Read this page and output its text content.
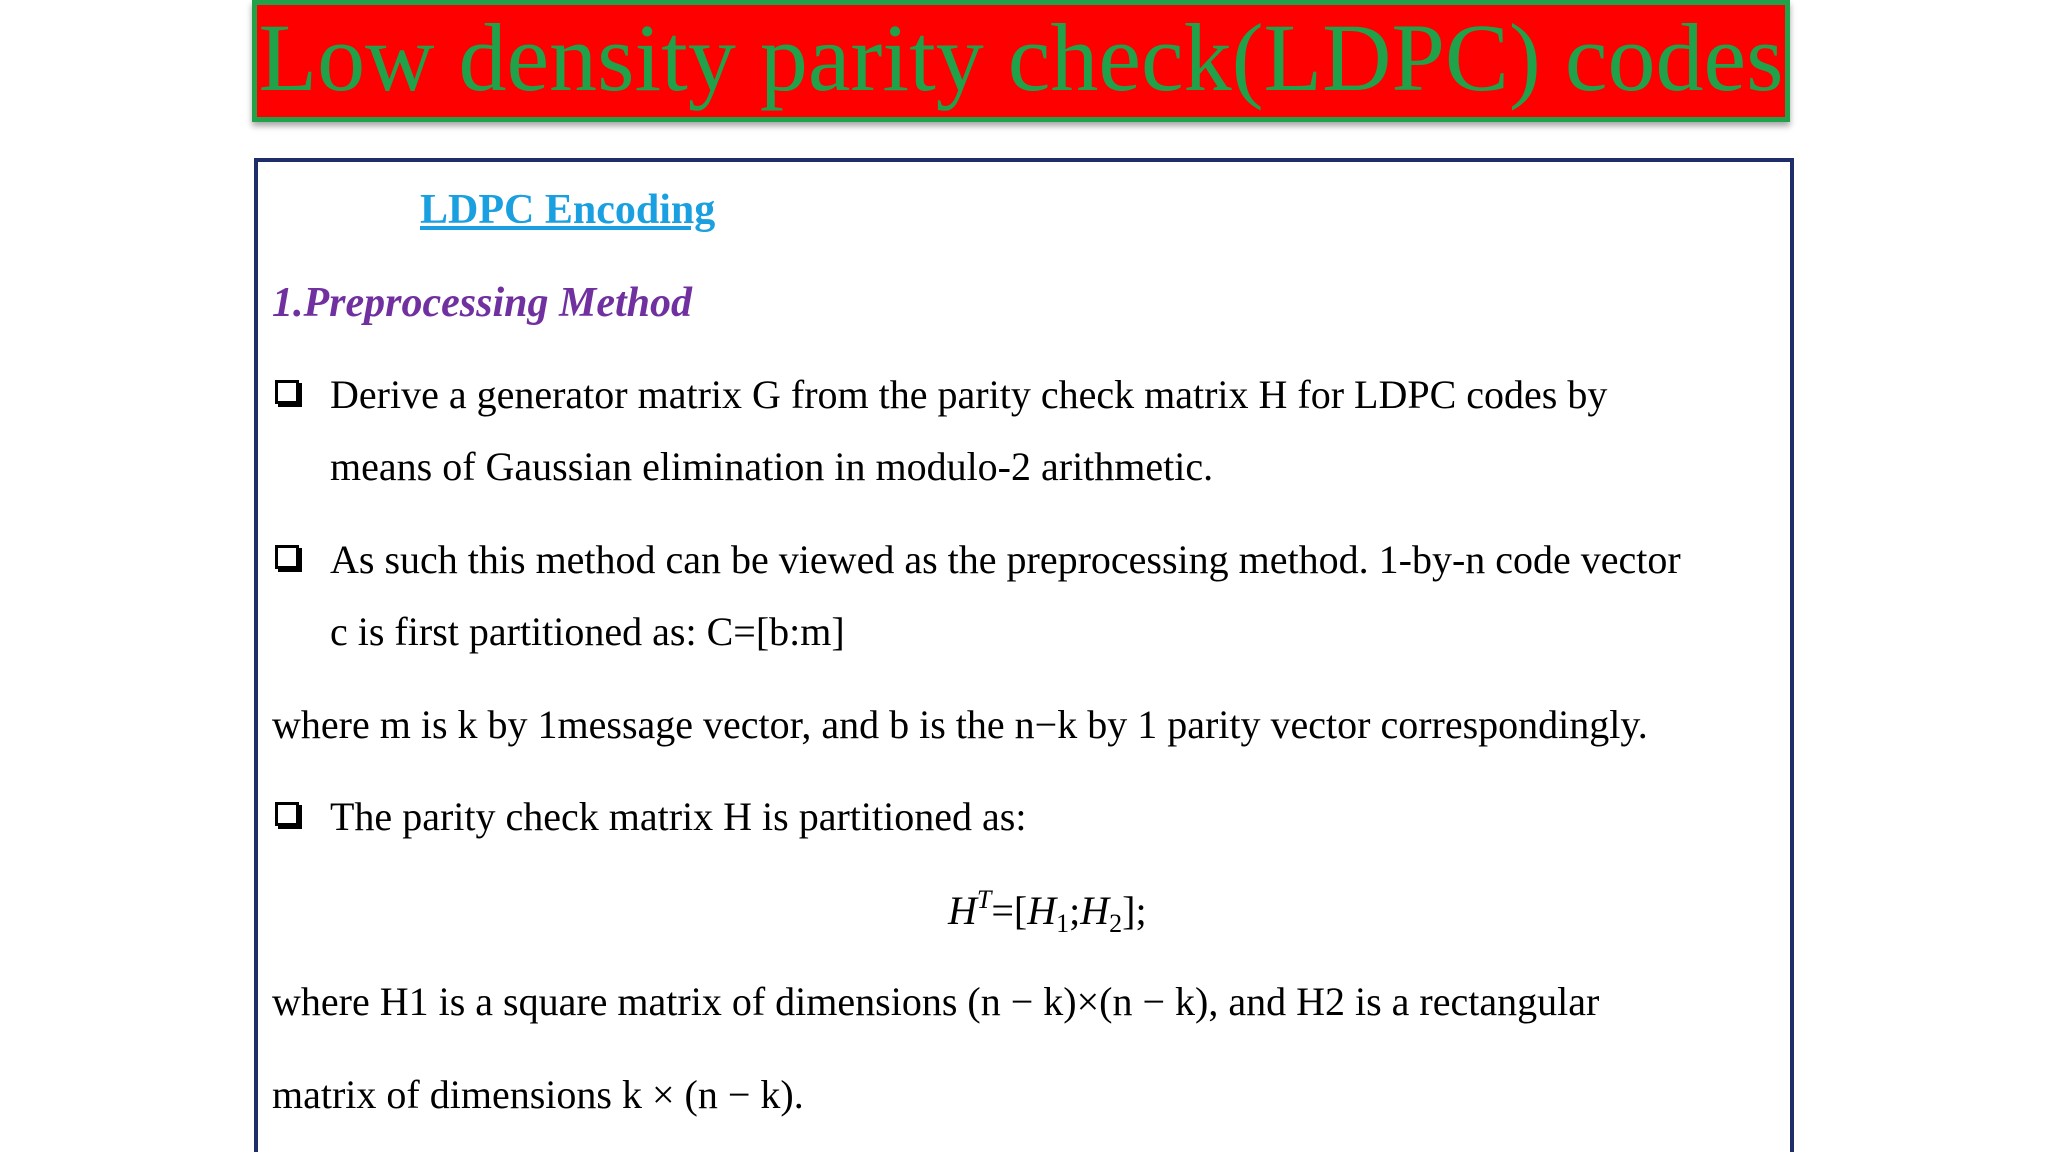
Low density parity check(LDPC) codes
LDPC Encoding
1.Preprocessing Method
Derive a generator matrix G from the parity check matrix H for LDPC codes by
means of Gaussian elimination in modulo-2 arithmetic.
As such this method can be viewed as the preprocessing method. 1-by-n code vector
c is first partitioned as: C=[b:m]
where m is k by 1message vector, and b is the n−k by 1 parity vector correspondingly.
The parity check matrix H is partitioned as:
$H^T=[H_1;H_2]$;
where H1 is a square matrix of dimensions (n − k)×(n − k), and H2 is a rectangular
matrix of dimensions k × (n − k).
